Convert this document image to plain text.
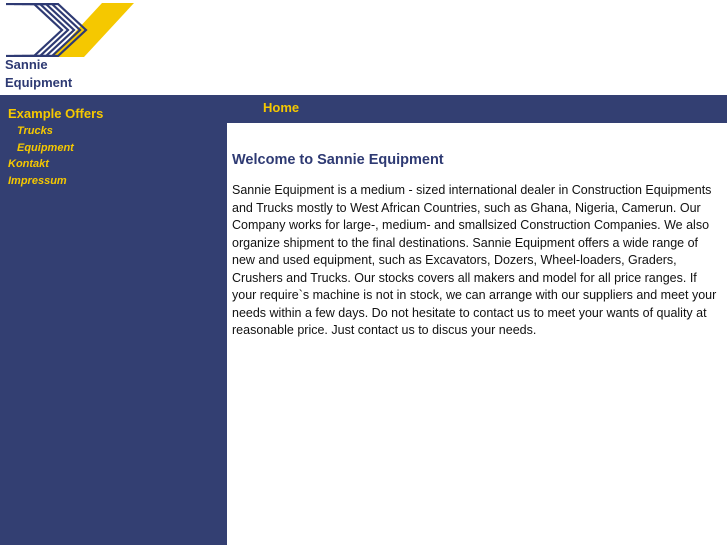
Sannie
Equipment
Home
Example Offers
Trucks
Equipment
Kontakt
Impressum
Welcome to Sannie Equipment

Sannie Equipment is a medium - sized international dealer in Construction Equipments and Trucks mostly to West African Countries, such as Ghana, Nigeria, Camerun. Our Company works for large-, medium- and smallsized Construction Companies. We also organize shipment to the final destinations. Sannie Equipment offers a wide range of new and used equipment, such as Excavators, Dozers, Wheel-loaders, Graders, Crushers and Trucks. Our stocks covers all makers and model for all price ranges. If your require`s machine is not in stock, we can arrange with our suppliers and meet your needs within a few days. Do not hesitate to contact us to meet your wants of quality at reasonable price. Just contact us to discus your needs.
